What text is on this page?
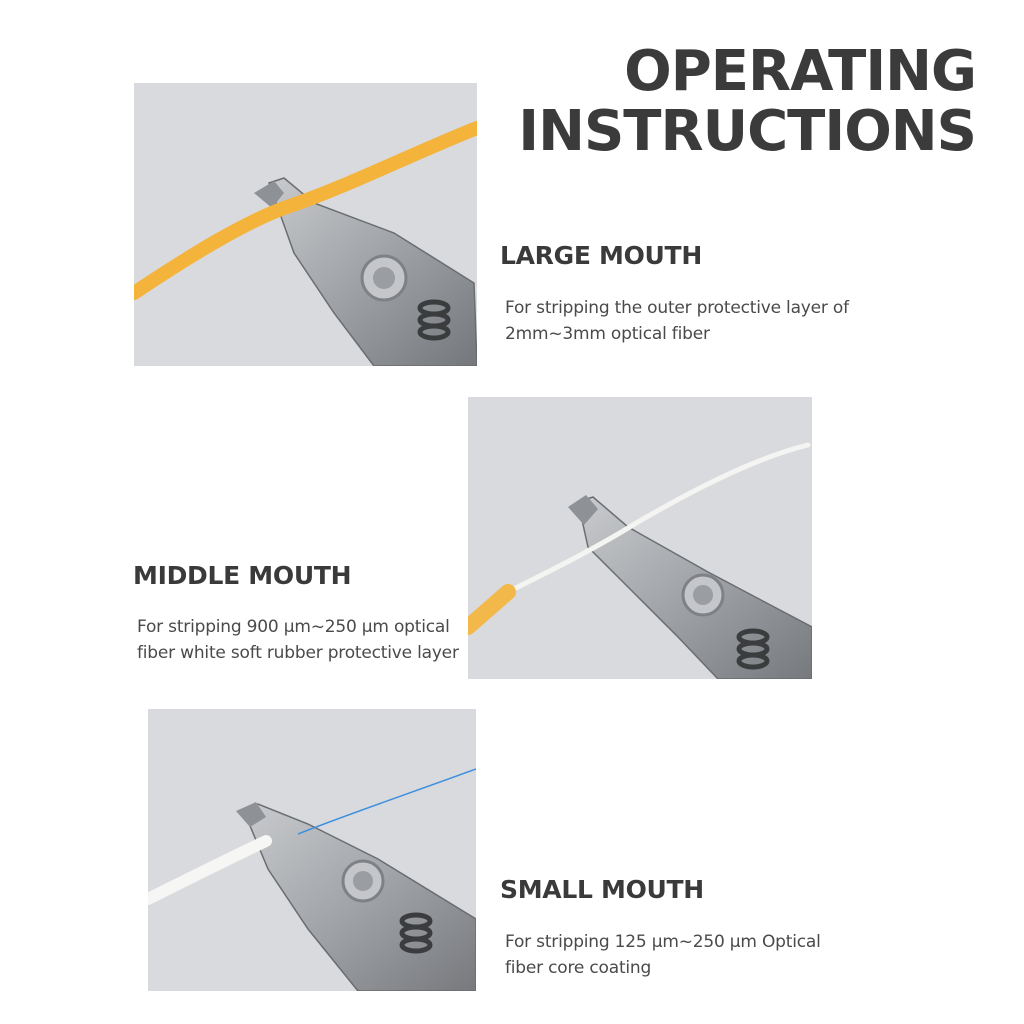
OPERATING
INSTRUCTIONS
LARGE MOUTH
For stripping the outer protective layer of 2mm~3mm optical fiber
MIDDLE MOUTH
For stripping 900 μm~250 μm optical fiber white soft rubber protective layer
SMALL MOUTH
For stripping 125 μm~250 μm Optical fiber core coating
